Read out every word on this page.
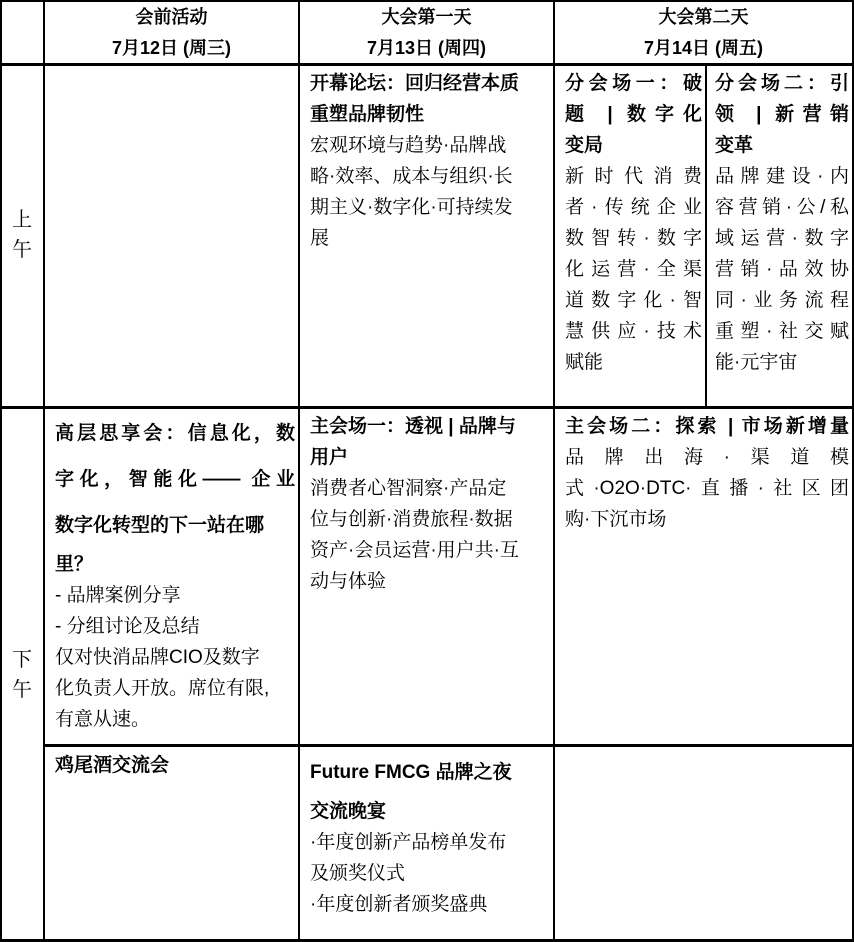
会前活动
7月12日 (周三)
大会第一天
7月13日 (周四)
大会第二天
7月14日 (周五)
上
午
下
午
开幕论坛：回归经营本质
重塑品牌韧性
宏观环境与趋势·品牌战
略·效率、成本与组织·长
期主义·数字化·可持续发
展
分会场一：破
题 | 数字化
变局
新时代消费
者·传统企业
数智转·数字
化运营·全渠
道数字化·智
慧供应·技术
赋能
分会场二：引
领 | 新营销
变革
品牌建设·内
容营销·公/私
域运营·数字
营销·品效协
同·业务流程
重塑·社交赋
能·元宇宙
高层思享会：信息化，数
字化，智能化—— 企业
数字化转型的下一站在哪
里？
- 品牌案例分享
- 分组讨论及总结
仅对快消品牌CIO及数字
化负责人开放。席位有限,
有意从速。
主会场一：透视 | 品牌与
用户
消费者心智洞察·产品定
位与创新·消费旅程·数据
资产·会员运营·用户共·互
动与体验
主会场二：探索 | 市场新增量
品牌出海·渠道模
式·O2O·DTC·直播·社区团
购·下沉市场
鸡尾酒交流会	Future FMCG 品牌之夜
交流晚宴
·年度创新产品榜单发布
及颁奖仪式
·年度创新者颁奖盛典
